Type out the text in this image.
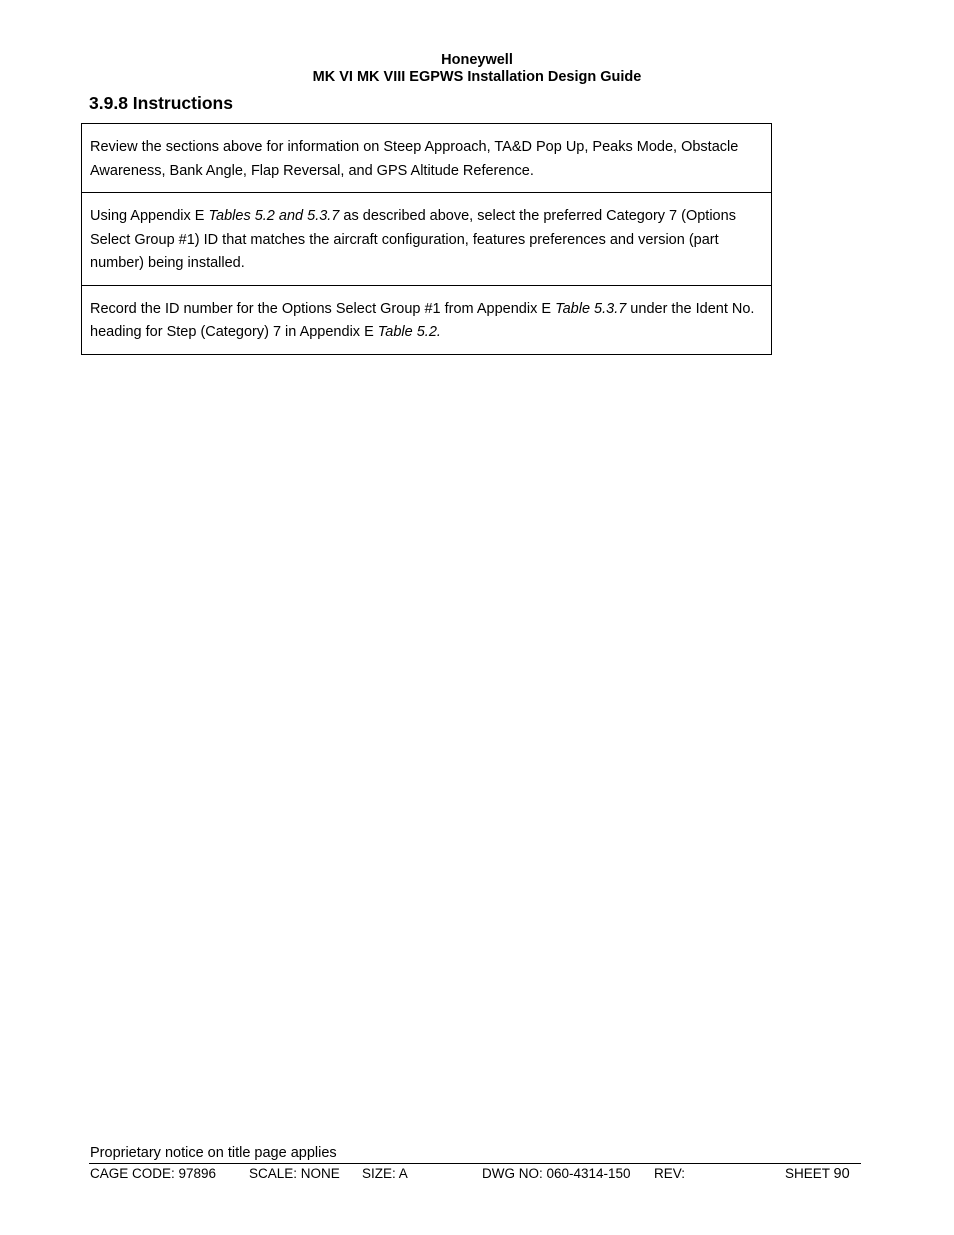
Honeywell
MK VI MK VIII EGPWS Installation Design Guide
3.9.8 Instructions
Review the sections above for information on Steep Approach, TA&D Pop Up, Peaks Mode, Obstacle Awareness, Bank Angle, Flap Reversal, and GPS Altitude Reference.
Using Appendix E Tables 5.2 and 5.3.7 as described above, select the preferred Category 7 (Options Select Group #1) ID that matches the aircraft configuration, features preferences and version (part number) being installed.
Record the ID number for the Options Select Group #1 from Appendix E Table 5.3.7 under the Ident No. heading for Step (Category) 7 in Appendix E Table 5.2.
Proprietary notice on title page applies
CAGE CODE: 97896 SCALE: NONE SIZE: A	DWG NO: 060-4314-150 REV:	SHEET 90
